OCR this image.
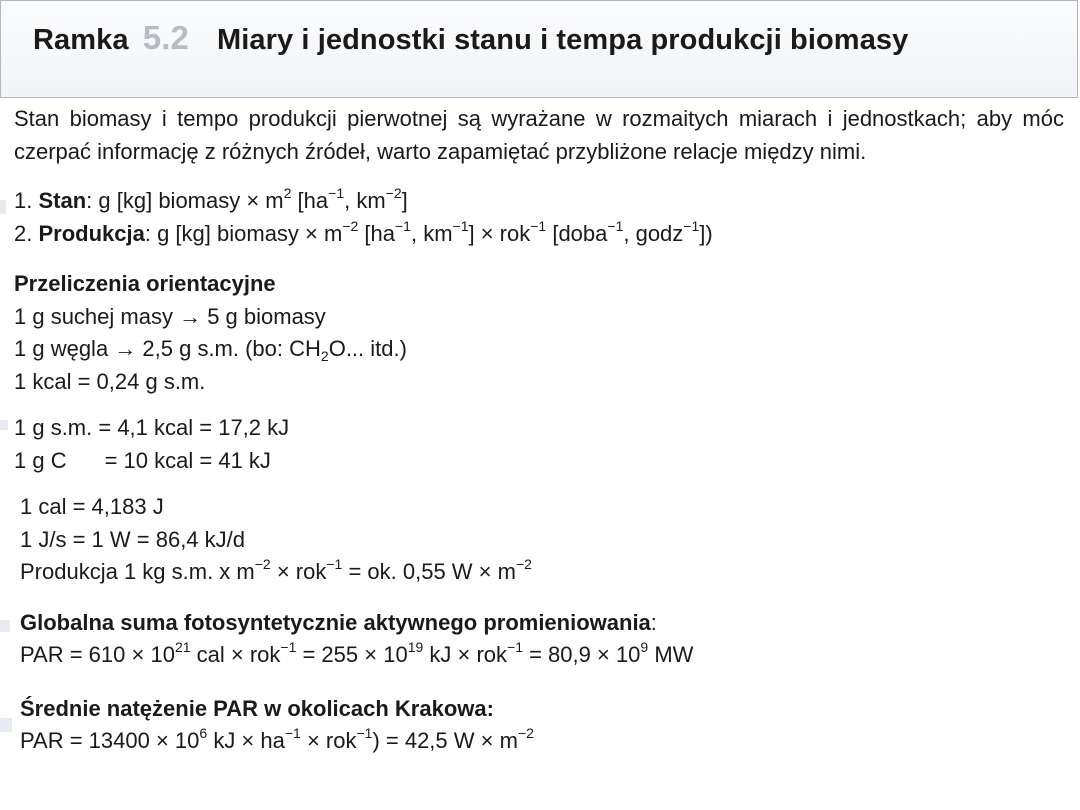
Ramka 5.2 Miary i jednostki stanu i tempa produkcji biomasy

Stan biomasy i tempo produkcji pierwotnej są wyrażane w rozmaitych miarach i jednostkach; aby móc czerpać informację z różnych źródeł, warto zapamiętać przybliżone relacje między nimi.

1. Stan: g [kg] biomasy × $m^2$ [$ha^{-1}$, $km^{-2}$]

2. Produkcja: g [kg] biomasy × $m^{-2}$ [$ha^{-1}$, $km^{-1}] \times rok^{-1}$ [doba$^{-1}$, godz$^{-1}$])

Przeliczenia orientacyjne

1 g suchej masy → 5 g biomasy

1 g węgla → 2,5 g s.m. (bo: $CH_2O$... itd.)

1 kcal = 0,24 g s.m.

1 g s.m. = 4,1 kcal = 17,2 kJ

1 g C = 10 kcal = 41 kJ

1 cal = 4,183 J

1 J/s = 1 W = 86,4 kJ/d

Produkcja 1 kg s.m. x $m^{-2} \times rok^{-1}$ = ok. 0,55 $W \times m^{-2}$

Globalna suma fotosyntetycznie aktywnego promieniowania:

PAR = $610 \times 10^{21}$ cal × $rok^{-1} = 255 \times 10^{19}$ kJ × $rok^{-1} = 80,9 \times 10^9$ MW

Średnie natężenie PAR w okolicach Krakowa:

PAR = $13400 \times 10^6$ kJ × $ha^{-1} \times rok^{-1}) = 42,5$ $W \times m^{-2}$
